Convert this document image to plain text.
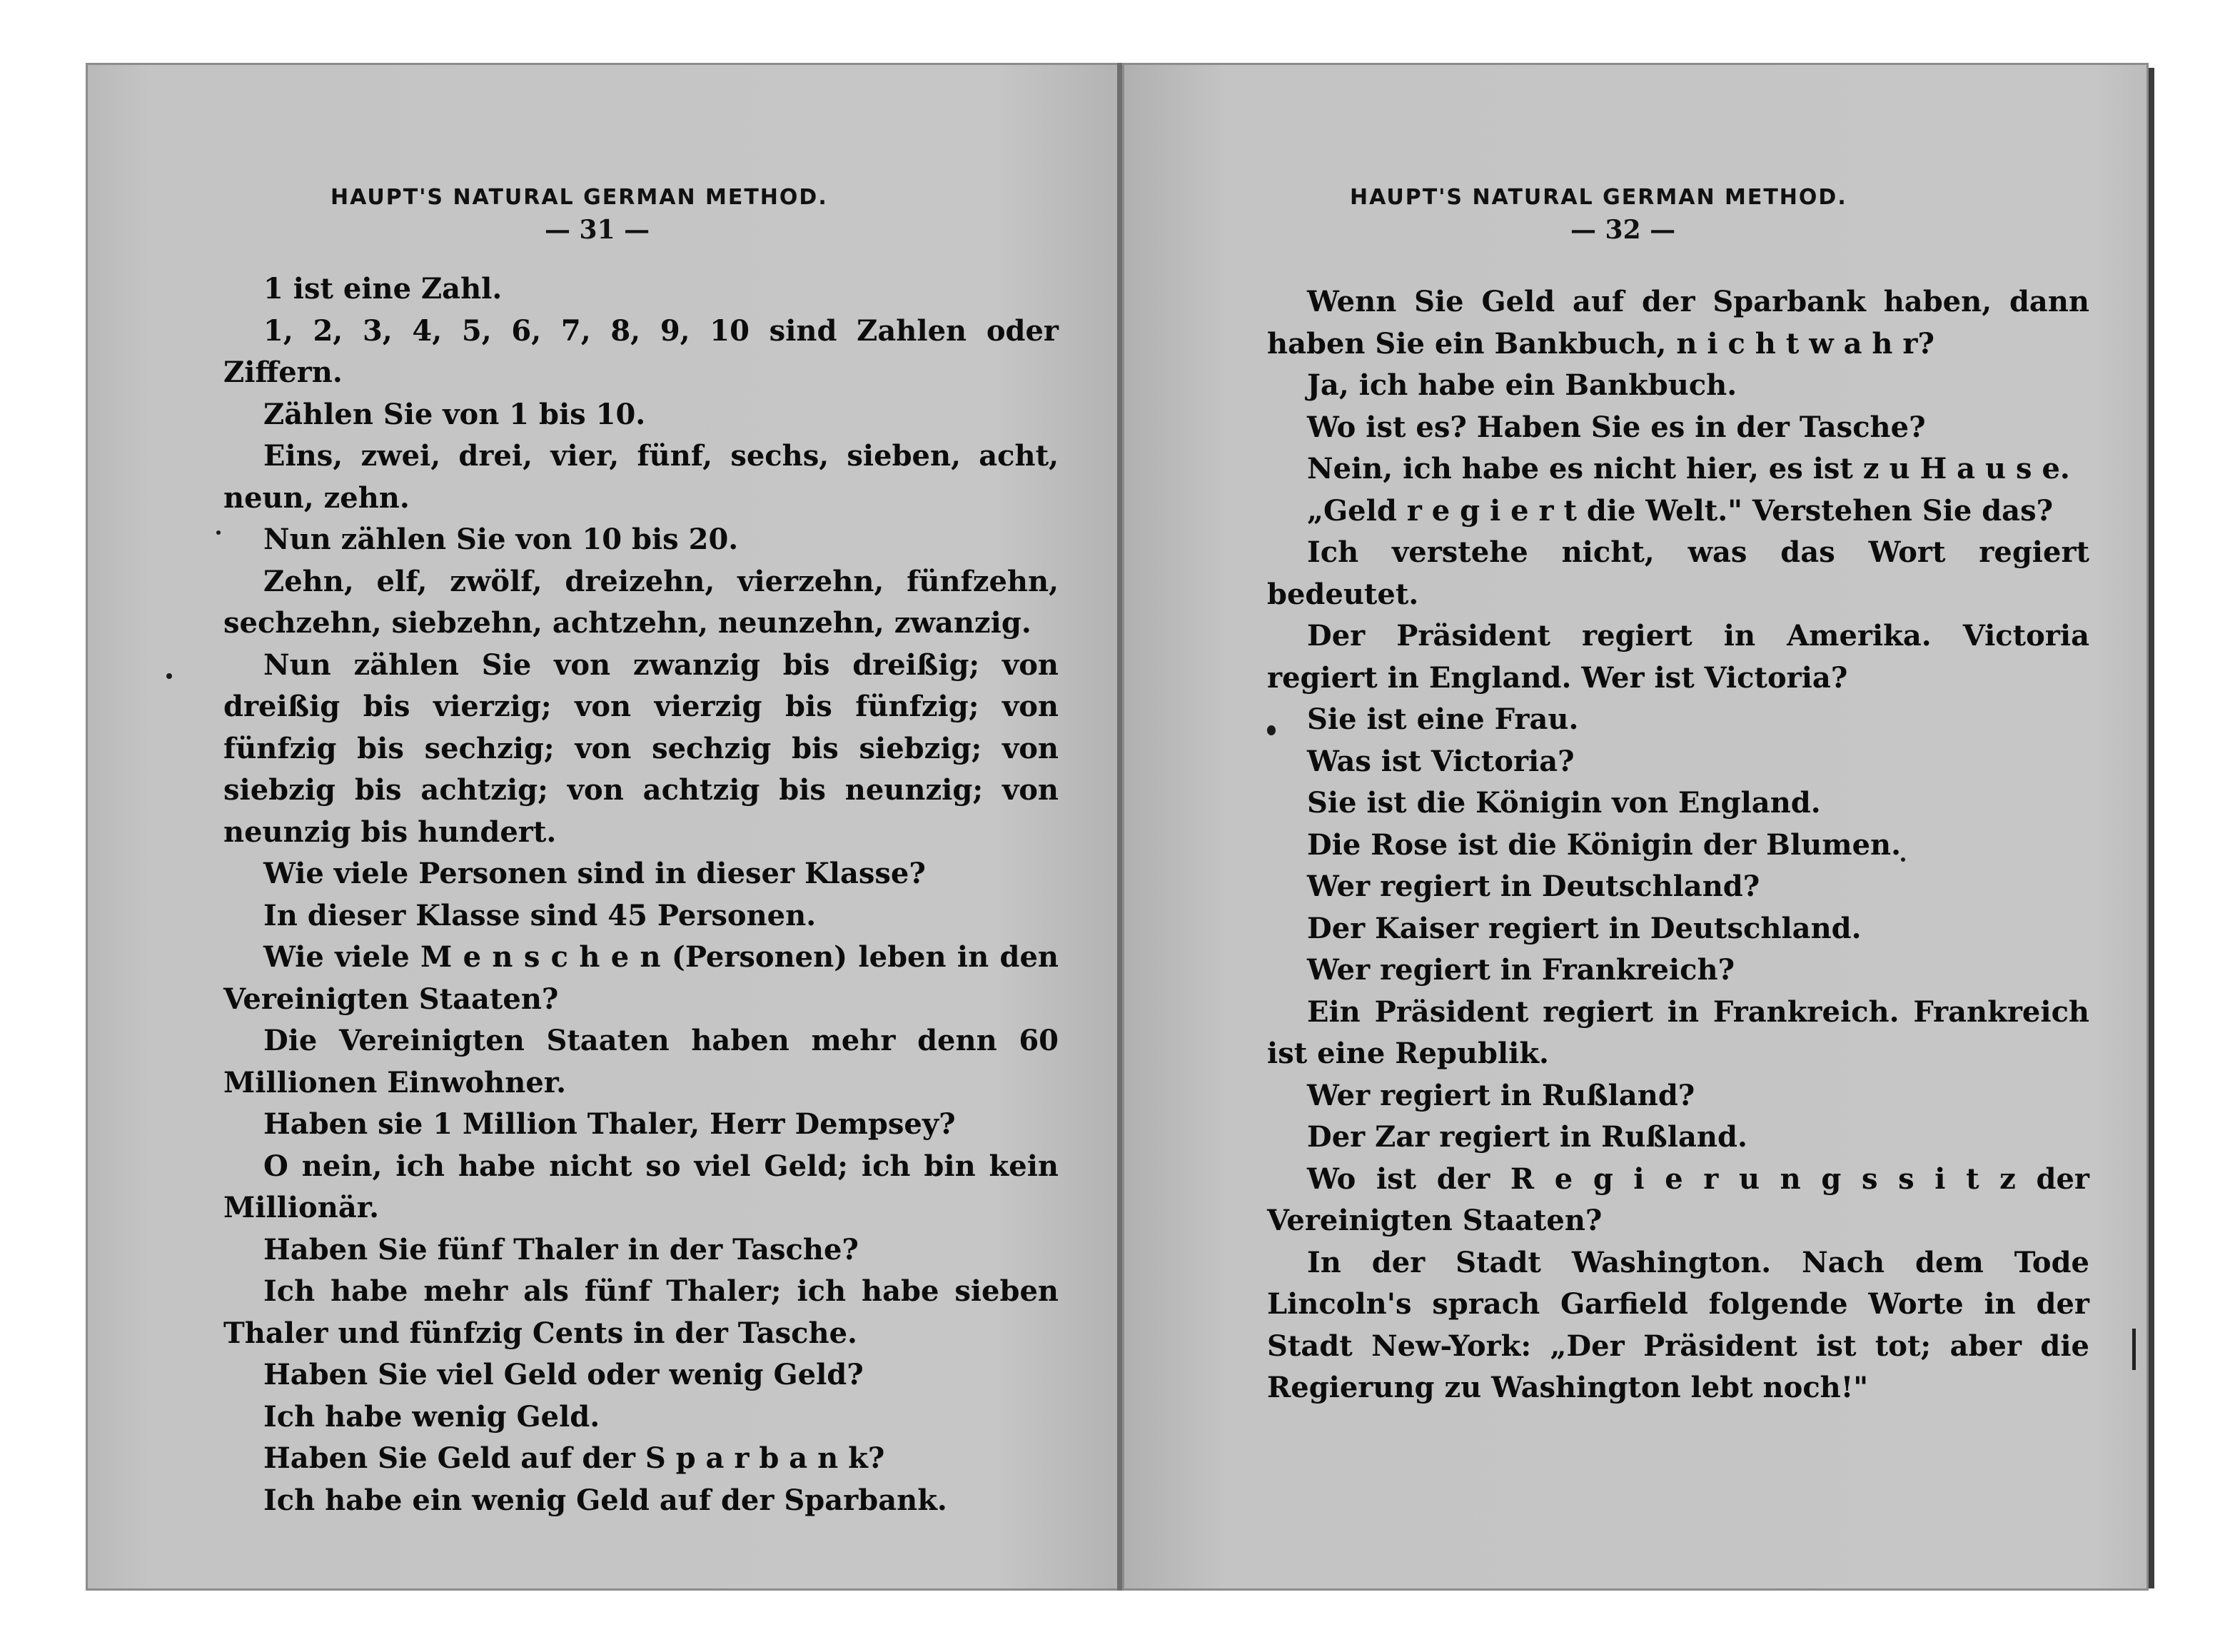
HAUPT'S NATURAL GERMAN METHOD.
— 31 —

1 ist eine Zahl.

1, 2, 3, 4, 5, 6, 7, 8, 9, 10 sind Zahlen oder Ziffern.

Zählen Sie von 1 bis 10.

Eins, zwei, drei, vier, fünf, sechs, sieben, acht, neun, zehn.

Nun zählen Sie von 10 bis 20.

Zehn, elf, zwölf, dreizehn, vierzehn, fünfzehn, sechzehn, siebzehn, achtzehn, neunzehn, zwanzig.

Nun zählen Sie von zwanzig bis dreißig; von dreißig bis vierzig; von vierzig bis fünfzig; von fünfzig bis sechzig; von sechzig bis siebzig; von siebzig bis achtzig; von achtzig bis neunzig; von neunzig bis hundert.

Wie viele Personen sind in dieser Klasse?

In dieser Klasse sind 45 Personen.

Wie viele M e n s c h e n (Personen) leben in den Vereinigten Staaten?

Die Vereinigten Staaten haben mehr denn 60 Millionen Einwohner.

Haben sie 1 Million Thaler, Herr Dempsey?

O nein, ich habe nicht so viel Geld; ich bin kein Millionär.

Haben Sie fünf Thaler in der Tasche?

Ich habe mehr als fünf Thaler; ich habe sieben Thaler und fünfzig Cents in der Tasche.

Haben Sie viel Geld oder wenig Geld?

Ich habe wenig Geld.

Haben Sie Geld auf der S p a r b a n k?

Ich habe ein wenig Geld auf der Sparbank.

HAUPT'S NATURAL GERMAN METHOD.
— 32 —

Wenn Sie Geld auf der Sparbank haben, dann haben Sie ein Bankbuch, n i c h t w a h r?

Ja, ich habe ein Bankbuch.

Wo ist es? Haben Sie es in der Tasche?

Nein, ich habe es nicht hier, es ist z u H a u s e.

„Geld r e g i e r t die Welt." Verstehen Sie das?

Ich verstehe nicht, was das Wort regiert bedeutet.

Der Präsident regiert in Amerika. Victoria regiert in England. Wer ist Victoria?

Sie ist eine Frau.

Was ist Victoria?

Sie ist die Königin von England.

Die Rose ist die Königin der Blumen.

Wer regiert in Deutschland?

Der Kaiser regiert in Deutschland.

Wer regiert in Frankreich?

Ein Präsident regiert in Frankreich. Frankreich ist eine Republik.

Wer regiert in Rußland?

Der Zar regiert in Rußland.

Wo ist der R e g i e r u n g s s i t z der Vereinigten Staaten?

In der Stadt Washington. Nach dem Tode Lincoln's sprach Garfield folgende Worte in der Stadt New-York: „Der Präsident ist tot; aber die Regierung zu Washington lebt noch!"
